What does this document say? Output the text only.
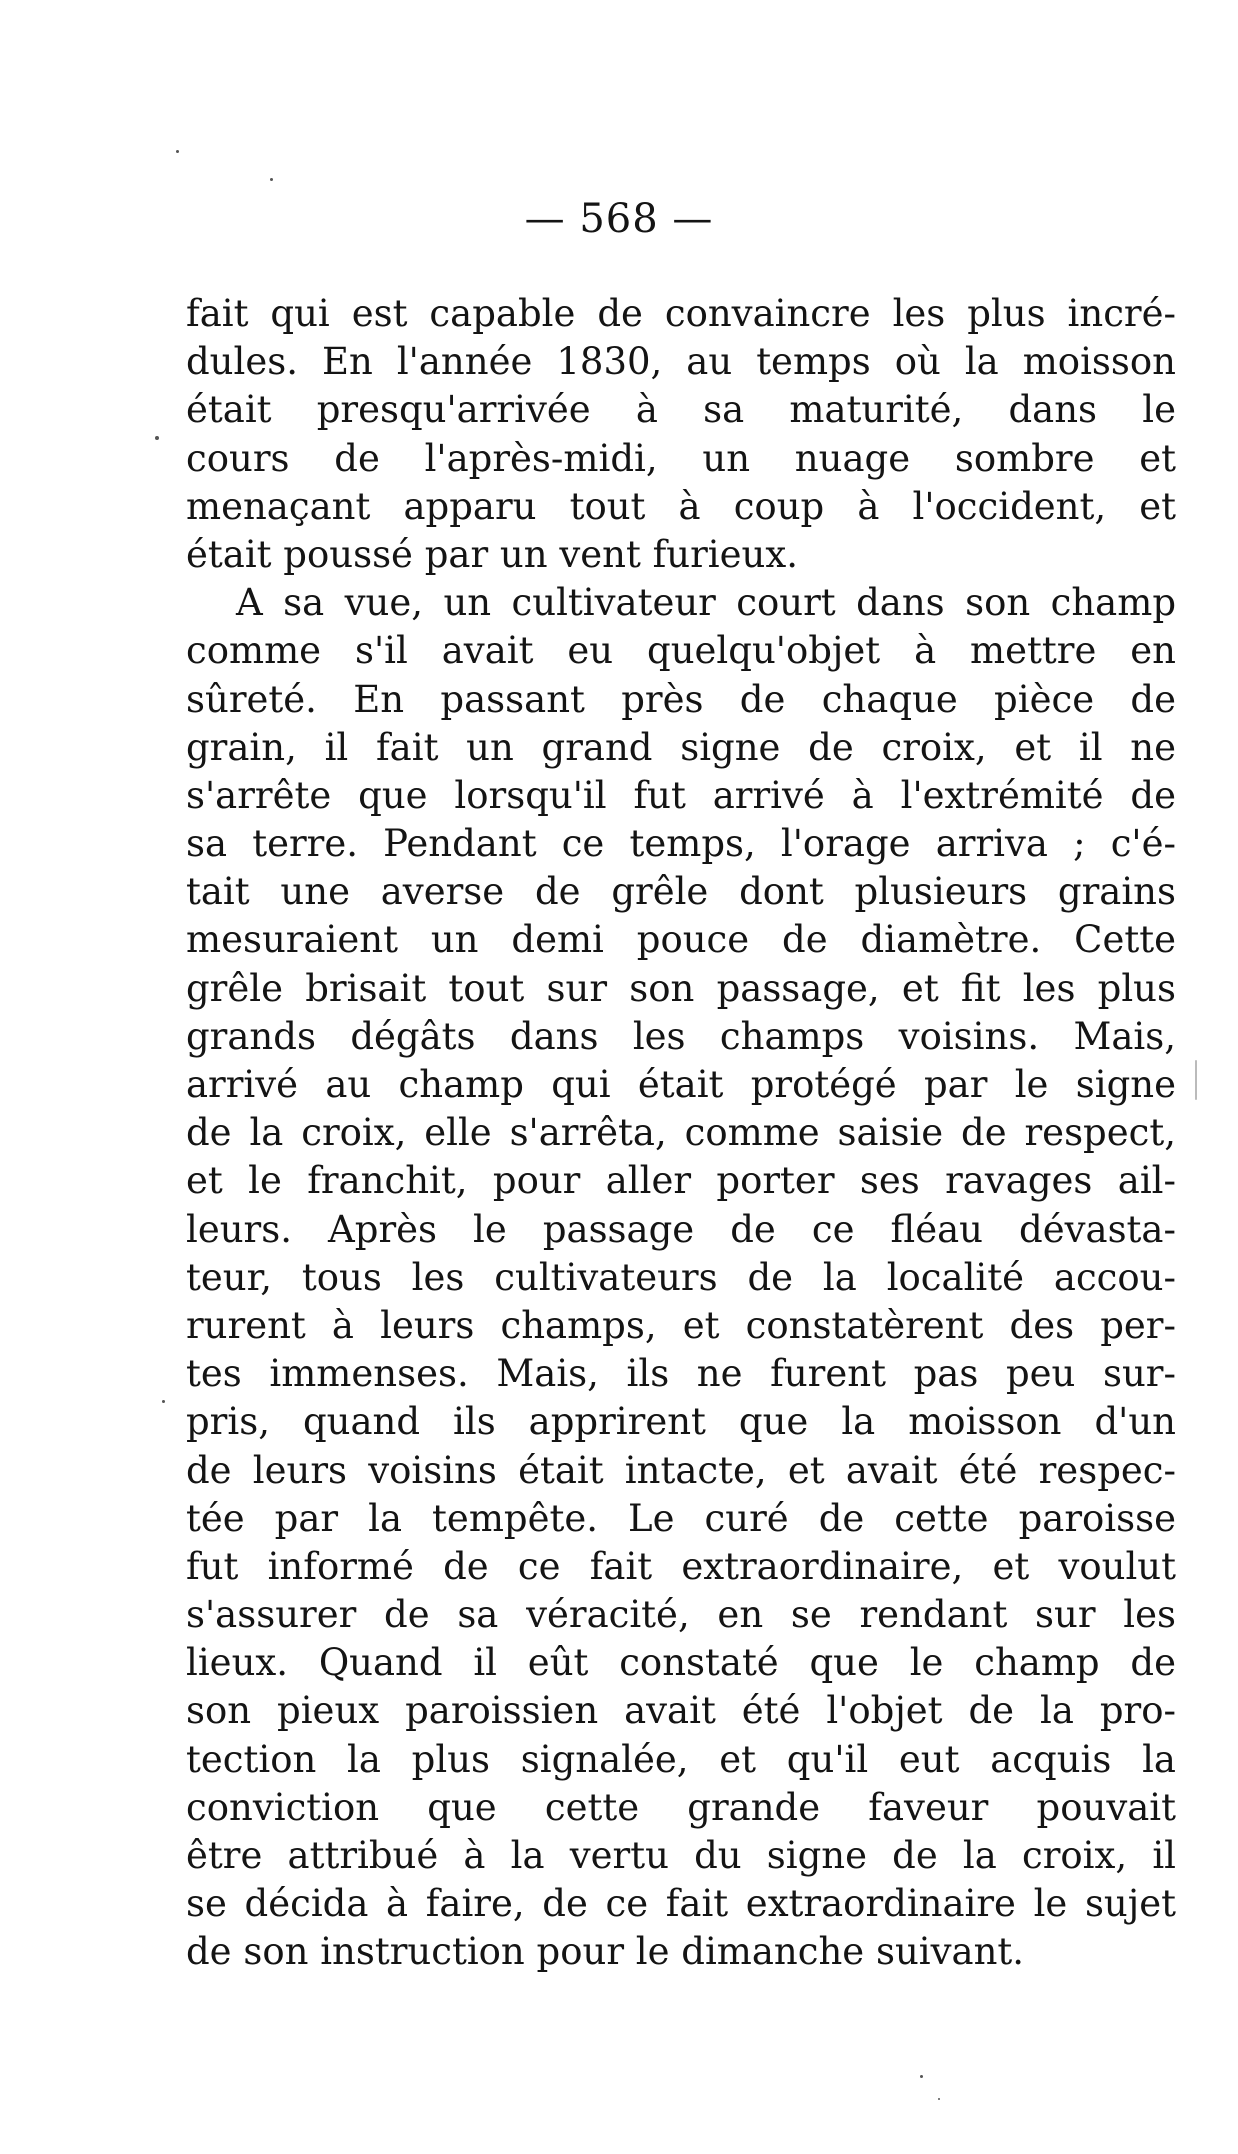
— 568 —
fait qui est capable de convaincre les plus incré-
dules. En l'année 1830, au temps où la moisson
était presqu'arrivée à sa maturité, dans le
cours de l'après-midi, un nuage sombre et
menaçant apparu tout à coup à l'occident, et
était poussé par un vent furieux.
A sa vue, un cultivateur court dans son champ
comme s'il avait eu quelqu'objet à mettre en
sûreté. En passant près de chaque pièce de
grain, il fait un grand signe de croix, et il ne
s'arrête que lorsqu'il fut arrivé à l'extrémité de
sa terre. Pendant ce temps, l'orage arriva ; c'é-
tait une averse de grêle dont plusieurs grains
mesuraient un demi pouce de diamètre. Cette
grêle brisait tout sur son passage, et fit les plus
grands dégâts dans les champs voisins. Mais,
arrivé au champ qui était protégé par le signe
de la croix, elle s'arrêta, comme saisie de respect,
et le franchit, pour aller porter ses ravages ail-
leurs. Après le passage de ce fléau dévasta-
teur, tous les cultivateurs de la localité accou-
rurent à leurs champs, et constatèrent des per-
tes immenses. Mais, ils ne furent pas peu sur-
pris, quand ils apprirent que la moisson d'un
de leurs voisins était intacte, et avait été respec-
tée par la tempête. Le curé de cette paroisse
fut informé de ce fait extraordinaire, et voulut
s'assurer de sa véracité, en se rendant sur les
lieux. Quand il eût constaté que le champ de
son pieux paroissien avait été l'objet de la pro-
tection la plus signalée, et qu'il eut acquis la
conviction que cette grande faveur pouvait
être attribué à la vertu du signe de la croix, il
se décida à faire, de ce fait extraordinaire le sujet
de son instruction pour le dimanche suivant.
